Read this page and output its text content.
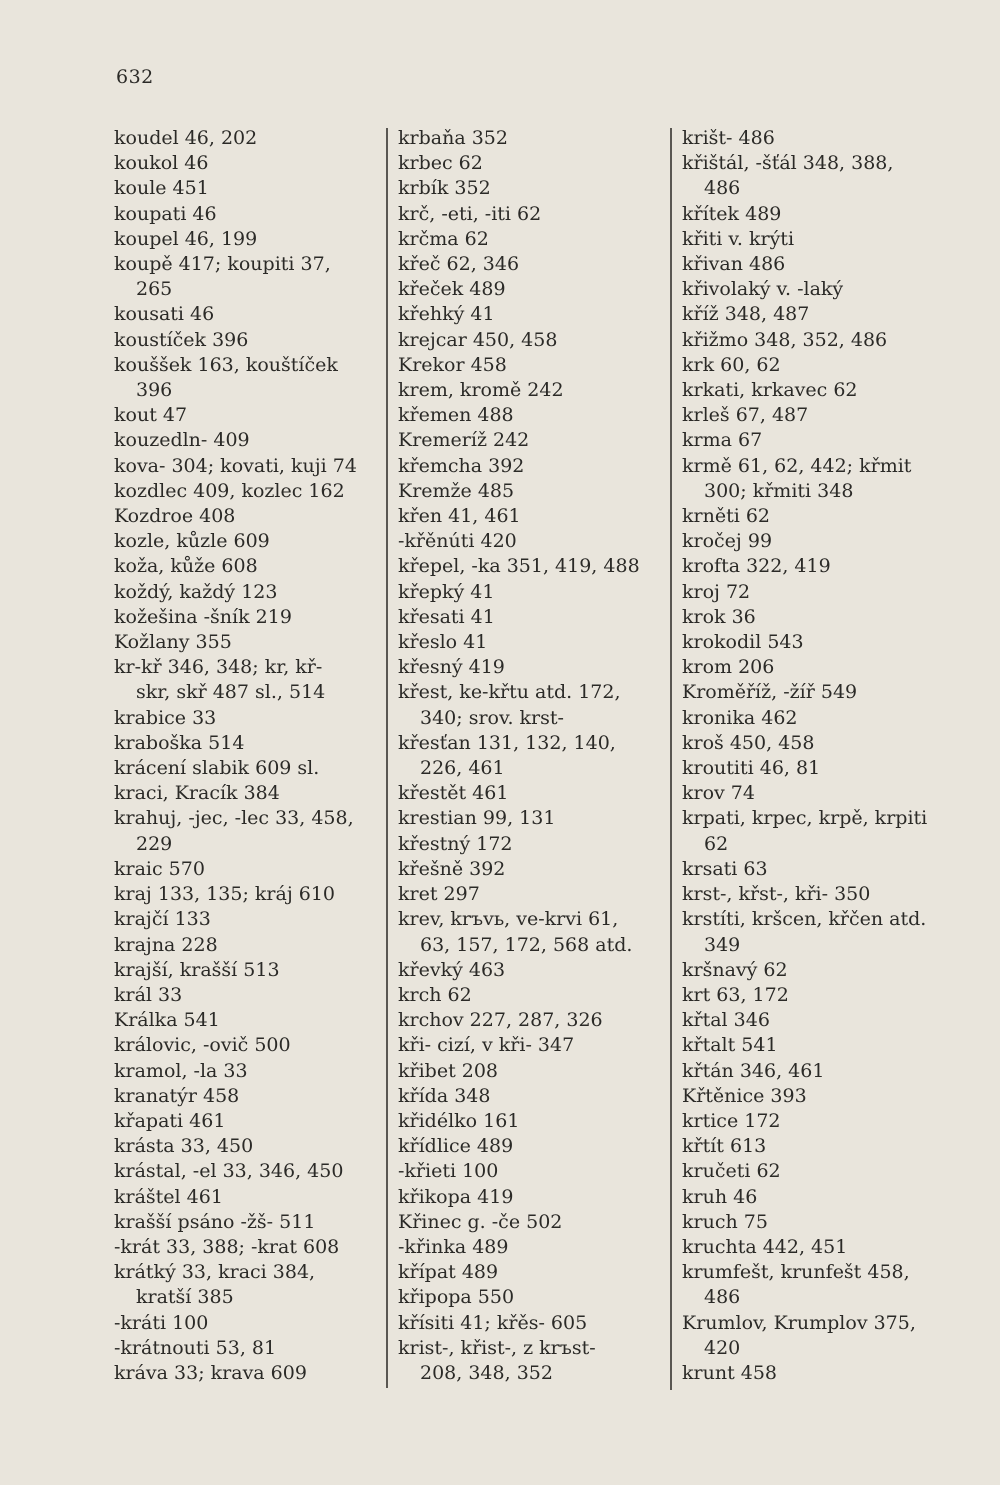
632
koudel 46, 202
koukol 46
koule 451
koupati 46
koupel 46, 199
koupě 417; koupiti 37,
265
kousati 46
koustíček 396
kouššek 163, kouštíček
396
kout 47
kouzedln- 409
kova- 304; kovati, kuji 74
kozdlec 409, kozlec 162
Kozdroe 408
kozle, kůzle 609
koža, kůže 608
koždý, každý 123
kožešina -šník 219
Kožlany 355
kr-kř 346, 348; kr, kř-
skr, skř 487 sl., 514
krabice 33
kraboška 514
krácení slabik 609 sl.
kraci, Kracík 384
krahuj, -jec, -lec 33, 458,
229
kraic 570
kraj 133, 135; kráj 610
krajčí 133
krajna 228
krajší, krašší 513
král 33
Králka 541
královic, -ovič 500
kramol, -la 33
kranatýr 458
křapati 461
krásta 33, 450
krástal, -el 33, 346, 450
kráštel 461
krašší psáno -žš- 511
-krát 33, 388; -krat 608
krátký 33, kraci 384,
kratší 385
-kráti 100
-krátnouti 53, 81
kráva 33; krava 609
krbaňa 352
krbec 62
krbík 352
krč, -eti, -iti 62
krčma 62
křeč 62, 346
křeček 489
křehký 41
krejcar 450, 458
Krekor 458
krem, kromě 242
křemen 488
Kremeríž 242
křemcha 392
Kremže 485
křen 41, 461
-křěnúti 420
křepel, -ka 351, 419, 488
křepký 41
křesati 41
křeslo 41
křesný 419
křest, ke-křtu atd. 172,
340; srov. krst-
křesťan 131, 132, 140,
226, 461
křestět 461
krestian 99, 131
křestný 172
křešně 392
kret 297
krev, krъvь, ve-krvi 61,
63, 157, 172, 568 atd.
křevký 463
krch 62
krchov 227, 287, 326
kři- cizí, v kři- 347
křibet 208
křída 348
křidélko 161
křídlice 489
-křieti 100
křikopa 419
Křinec g. -če 502
-křinka 489
křípat 489
křipopa 550
křísiti 41; křěs- 605
krist-, křist-, z krъst-
208, 348, 352
krišt- 486
křištál, -šťál 348, 388,
486
křítek 489
křiti v. krýti
křivan 486
křivolaký v. -laký
kříž 348, 487
křižmo 348, 352, 486
krk 60, 62
krkati, krkavec 62
krleš 67, 487
krma 67
krmě 61, 62, 442; křmit
300; křmiti 348
krněti 62
kročej 99
krofta 322, 419
kroj 72
krok 36
krokodil 543
krom 206
Kroměříž, -žíř 549
kronika 462
kroš 450, 458
kroutiti 46, 81
krov 74
krpati, krpec, krpě, krpiti
62
krsati 63
krst-, křst-, kři- 350
krstíti, kršcen, křčen atd.
349
kršnavý 62
krt 63, 172
křtal 346
křtalt 541
křtán 346, 461
Křtěnice 393
krtice 172
křtít 613
kručeti 62
kruh 46
kruch 75
kruchta 442, 451
krumfešt, krunfešt 458,
486
Krumlov, Krumplov 375,
420
krunt 458
